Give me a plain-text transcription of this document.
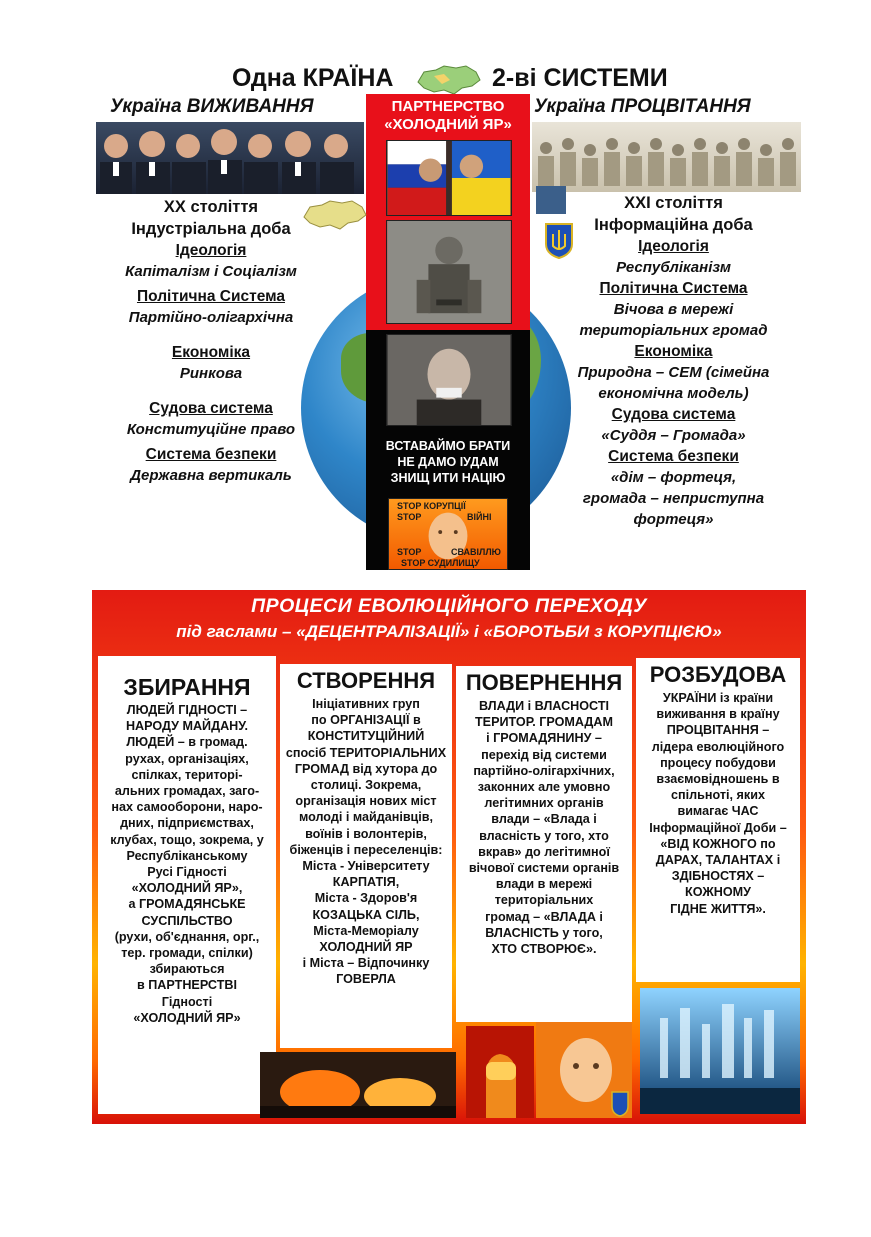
Одна КРАЇНА	2-ві СИСТЕМИ
Україна ВИЖИВАННЯ	Україна ПРОЦВІТАННЯ
ПАРТНЕРСТВО
«ХОЛОДНИЙ ЯР»
ВСТАВАЙМО БРАТИ
НЕ ДАМО ІУДАМ
ЗНИЩ ИТИ НАЦІЮ
STOP КОРУПЦІЇ
STOP	ВІЙНІ
STOP	СВАВІЛЛЮ
STOP СУДИЛИЩУ
XX століття
Індустріальна доба
Ідеологія
Капіталізм і Соціалізм
Політична Система
Партійно-олігархічна
Економіка
Ринкова
Судова система
Конституційне право
Система безпеки
Державна вертикаль
XXI століття
Інформаційна доба
Ідеологія
Республіканізм
Політична Система
Вічова в мережі
територіальних громад
Економіка
Природна – СЕМ (сімейна
економічна модель)
Судова система
«Суддя – Громада»
Система безпеки
«дім – фортеця,
громада – неприступна
фортеця»
ПРОЦЕСИ ЕВОЛЮЦІЙНОГО ПЕРЕХОДУ
під гаслами – «ДЕЦЕНТРАЛІЗАЦІЇ» і «БОРОТЬБИ з КОРУПЦІЄЮ»
ЗБИРАННЯ

ЛЮДЕЙ ГІДНОСТІ –
НАРОДУ МАЙДАНУ.
ЛЮДЕЙ – в громад.
рухах, організаціях,
спілках, територі-
альних громадах, заго-
нах самооборони, наро-
дних, підприємствах,
клубах, тощо, зокрема, у
Республіканському
Русі Гідності
«ХОЛОДНИЙ ЯР»,
а ГРОМАДЯНСЬКЕ
СУСПІЛЬСТВО
(рухи, об'єднання, орг.,
тер. громади, спілки)
збираються
в ПАРТНЕРСТВІ
Гідності
«ХОЛОДНИЙ ЯР»

СТВОРЕННЯ

Ініціативних груп
по ОРГАНІЗАЦІЇ в
КОНСТИТУЦІЙНИЙ
спосіб ТЕРИТОРІАЛЬНИХ
ГРОМАД від хутора до
столиці. Зокрема,
організація нових міст
молоді і майданівців,
воїнів і волонтерів,
біженців і переселенців:
Міста - Університету
КАРПАТІЯ,
Міста - Здоров'я
КОЗАЦЬКА СІЛЬ,
Міста-Меморіалу
ХОЛОДНИЙ ЯР
і Міста – Відпочинку
ГОВЕРЛА

ПОВЕРНЕННЯ

ВЛАДИ і ВЛАСНОСТІ
ТЕРИТОР. ГРОМАДАМ
і ГРОМАДЯНИНУ –
перехід від системи
партійно-олігархічних,
законних але умовно
легітимних органів
влади – «Влада і
власність у того, хто
вкрав» до легітимної
вічової системи органів
влади в мережі
територіальних
громад – «ВЛАДА і
ВЛАСНІСТЬ у того,
ХТО СТВОРЮЄ».

РОЗБУДОВА

УКРАЇНИ із країни
виживання в країну
ПРОЦВІТАННЯ –
лідера еволюційного
процесу побудови
взаємовідношень в
спільноті, яких
вимагає ЧАС
Інформаційної Доби –
«ВІД КОЖНОГО по
ДАРАХ, ТАЛАНТАХ і
ЗДІБНОСТЯХ –
КОЖНОМУ
ГІДНЕ ЖИТТЯ».
